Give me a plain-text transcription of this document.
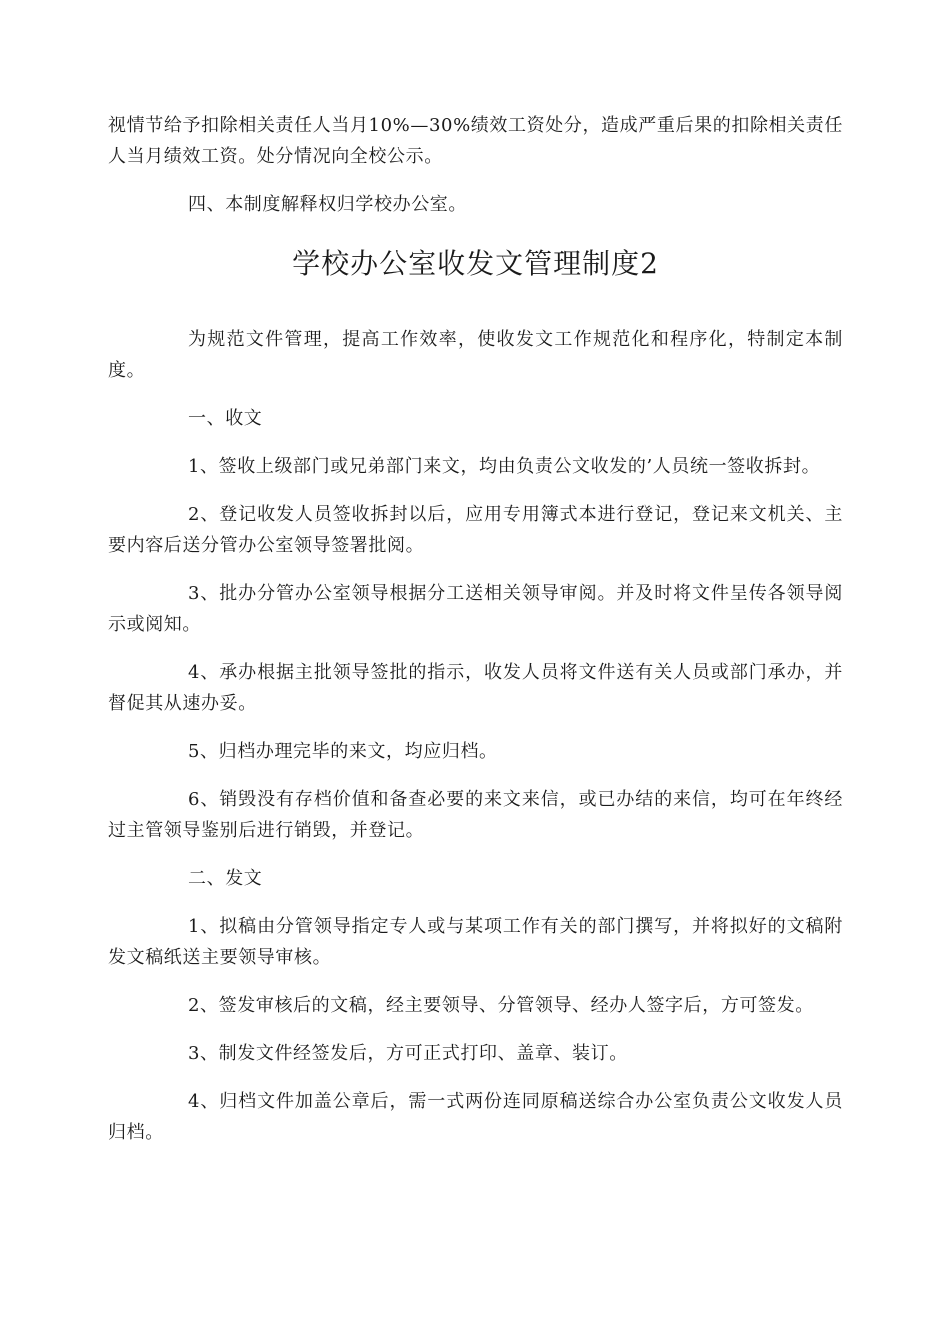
视情节给予扣除相关责任人当月10%—30%绩效工资处分，造成严重后果的扣除相关责任人当月绩效工资。处分情况向全校公示。

四、本制度解释权归学校办公室。

学校办公室收发文管理制度2

为规范文件管理，提高工作效率，使收发文工作规范化和程序化，特制定本制度。

一、收文

1、签收上级部门或兄弟部门来文，均由负责公文收发的’人员统一签收拆封。

2、登记收发人员签收拆封以后，应用专用簿式本进行登记，登记来文机关、主要内容后送分管办公室领导签署批阅。

3、批办分管办公室领导根据分工送相关领导审阅。并及时将文件呈传各领导阅示或阅知。

4、承办根据主批领导签批的指示，收发人员将文件送有关人员或部门承办，并督促其从速办妥。

5、归档办理完毕的来文，均应归档。

6、销毁没有存档价值和备查必要的来文来信，或已办结的来信，均可在年终经过主管领导鉴别后进行销毁，并登记。

二、发文

1、拟稿由分管领导指定专人或与某项工作有关的部门撰写，并将拟好的文稿附发文稿纸送主要领导审核。

2、签发审核后的文稿，经主要领导、分管领导、经办人签字后，方可签发。

3、制发文件经签发后，方可正式打印、盖章、装订。

4、归档文件加盖公章后，需一式两份连同原稿送综合办公室负责公文收发人员归档。
